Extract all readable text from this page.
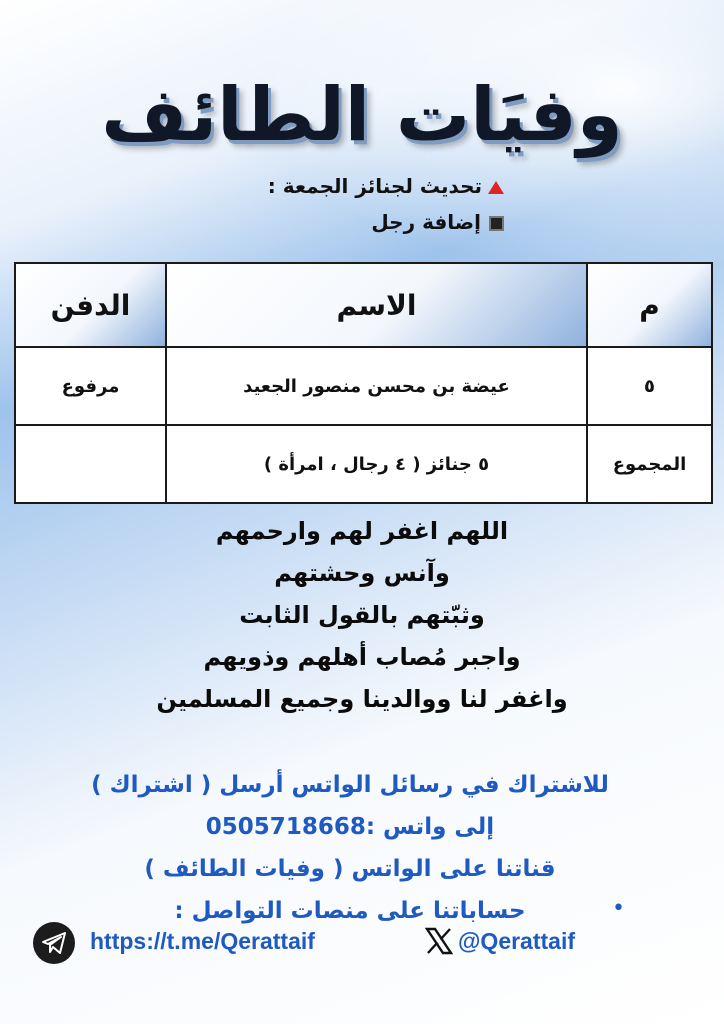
وفيَات الطائف
تحديث لجنائز الجمعة :
إضافة رجل
م	الاسم	الدفن
٥	عيضة بن محسن منصور الجعيد	مرفوع
المجموع	٥ جنائز ( ٤ رجال ، امرأة )	
اللهم اغفر لهم وارحمهم
وآنس وحشتهم
وثبّتهم بالقول الثابت
واجبر مُصاب أهلهم وذويهم
واغفر لنا ووالدينا وجميع المسلمين
للاشتراك في رسائل الواتس أرسل ( اشتراك )
إلى واتس :0505718668
قناتنا على الواتس ( وفيات الطائف )
حساباتنا على منصات التواصل :	•
https://t.me/Qerattaif	@Qerattaif
